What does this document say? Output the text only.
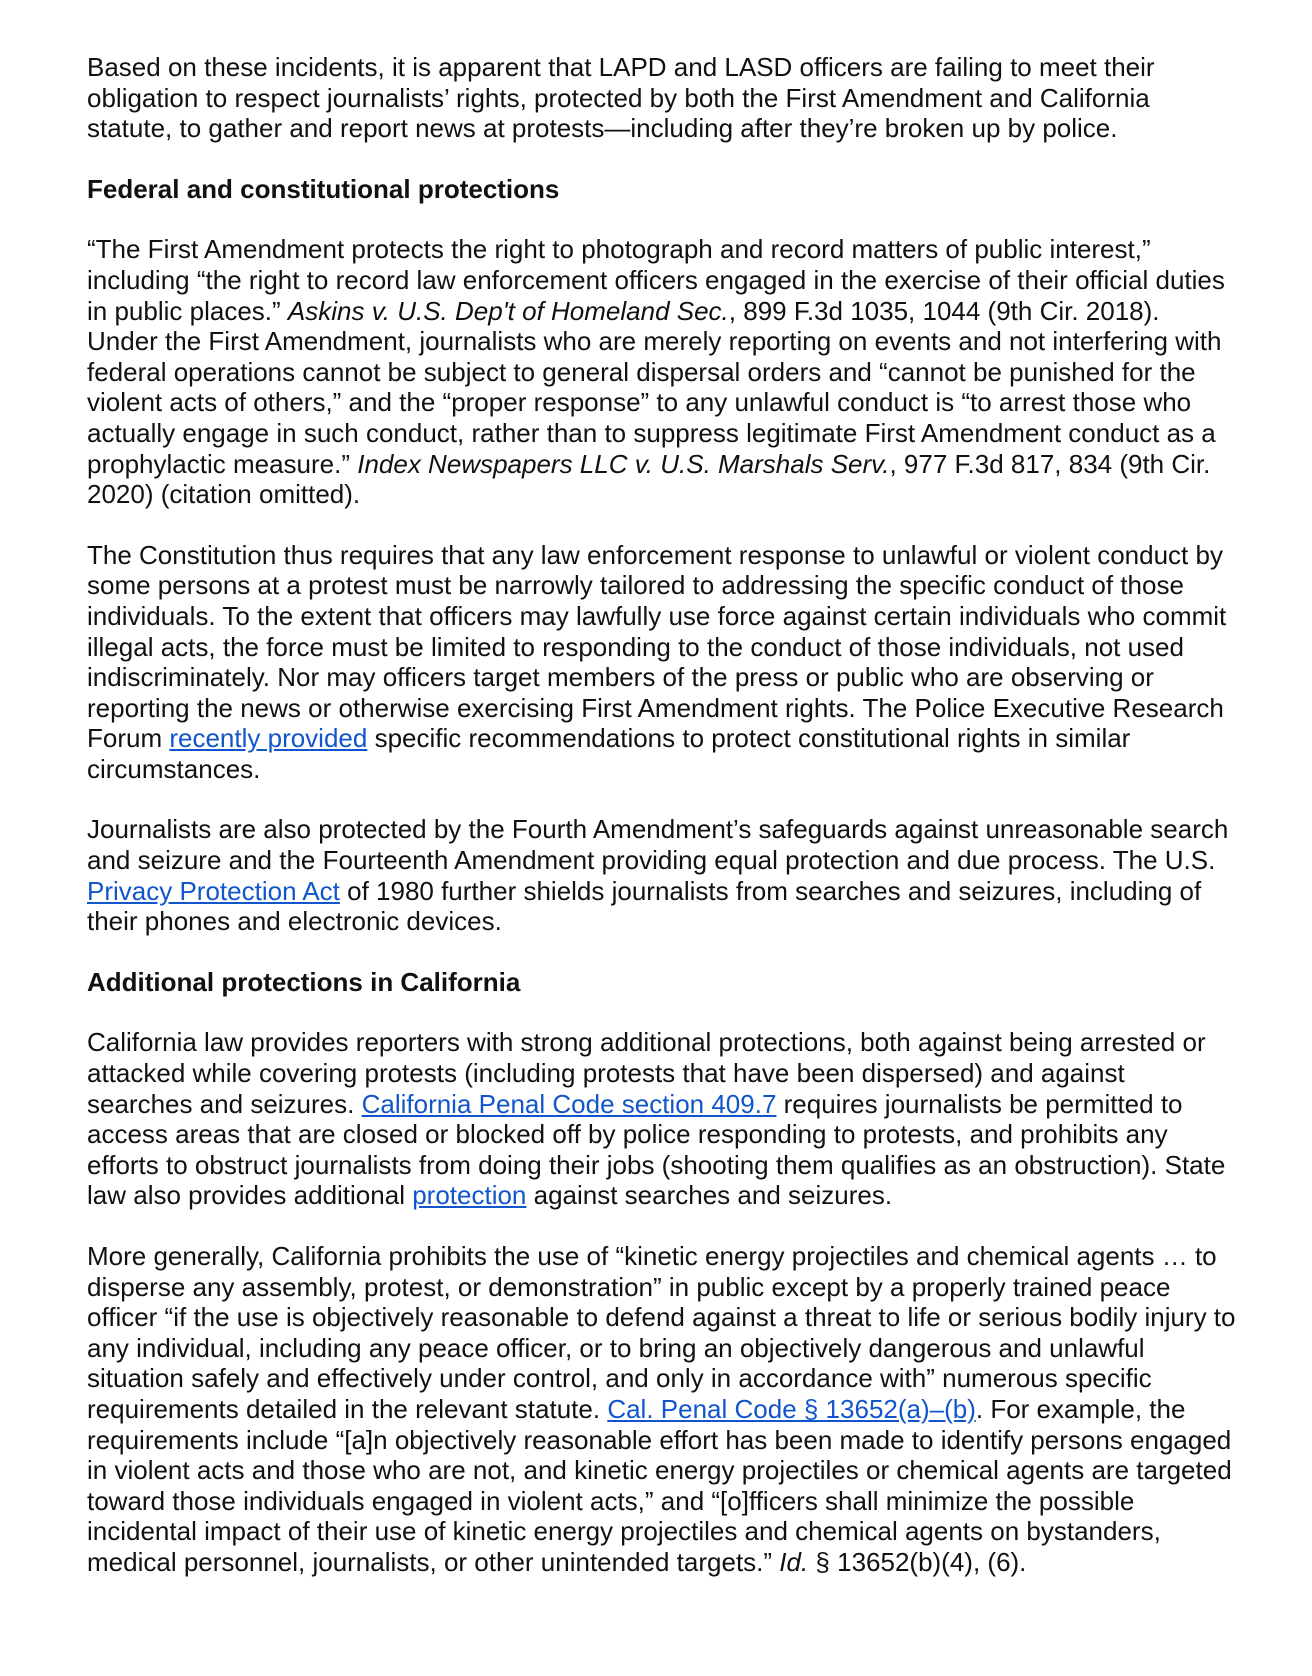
Based on these incidents, it is apparent that LAPD and LASD officers are failing to meet their obligation to respect journalists’ rights, protected by both the First Amendment and California statute, to gather and report news at protests—including after they’re broken up by police.

Federal and constitutional protections

“The First Amendment protects the right to photograph and record matters of public interest,” including “the right to record law enforcement officers engaged in the exercise of their official duties in public places.” Askins v. U.S. Dep't of Homeland Sec., 899 F.3d 1035, 1044 (9th Cir. 2018). Under the First Amendment, journalists who are merely reporting on events and not interfering with federal operations cannot be subject to general dispersal orders and “cannot be punished for the violent acts of others,” and the “proper response” to any unlawful conduct is “to arrest those who actually engage in such conduct, rather than to suppress legitimate First Amendment conduct as a prophylactic measure.” Index Newspapers LLC v. U.S. Marshals Serv., 977 F.3d 817, 834 (9th Cir. 2020) (citation omitted).

The Constitution thus requires that any law enforcement response to unlawful or violent conduct by some persons at a protest must be narrowly tailored to addressing the specific conduct of those individuals. To the extent that officers may lawfully use force against certain individuals who commit illegal acts, the force must be limited to responding to the conduct of those individuals, not used indiscriminately. Nor may officers target members of the press or public who are observing or reporting the news or otherwise exercising First Amendment rights. The Police Executive Research Forum recently provided specific recommendations to protect constitutional rights in similar circumstances.

Journalists are also protected by the Fourth Amendment’s safeguards against unreasonable search and seizure and the Fourteenth Amendment providing equal protection and due process. The U.S. Privacy Protection Act of 1980 further shields journalists from searches and seizures, including of their phones and electronic devices.

Additional protections in California

California law provides reporters with strong additional protections, both against being arrested or attacked while covering protests (including protests that have been dispersed) and against searches and seizures. California Penal Code section 409.7 requires journalists be permitted to access areas that are closed or blocked off by police responding to protests, and prohibits any efforts to obstruct journalists from doing their jobs (shooting them qualifies as an obstruction). State law also provides additional protection against searches and seizures.

More generally, California prohibits the use of “kinetic energy projectiles and chemical agents … to disperse any assembly, protest, or demonstration” in public except by a properly trained peace officer “if the use is objectively reasonable to defend against a threat to life or serious bodily injury to any individual, including any peace officer, or to bring an objectively dangerous and unlawful situation safely and effectively under control, and only in accordance with” numerous specific requirements detailed in the relevant statute. Cal. Penal Code § 13652(a)–(b). For example, the requirements include “[a]n objectively reasonable effort has been made to identify persons engaged in violent acts and those who are not, and kinetic energy projectiles or chemical agents are targeted toward those individuals engaged in violent acts,” and “[o]fficers shall minimize the possible incidental impact of their use of kinetic energy projectiles and chemical agents on bystanders, medical personnel, journalists, or other unintended targets.” Id. § 13652(b)(4), (6).
